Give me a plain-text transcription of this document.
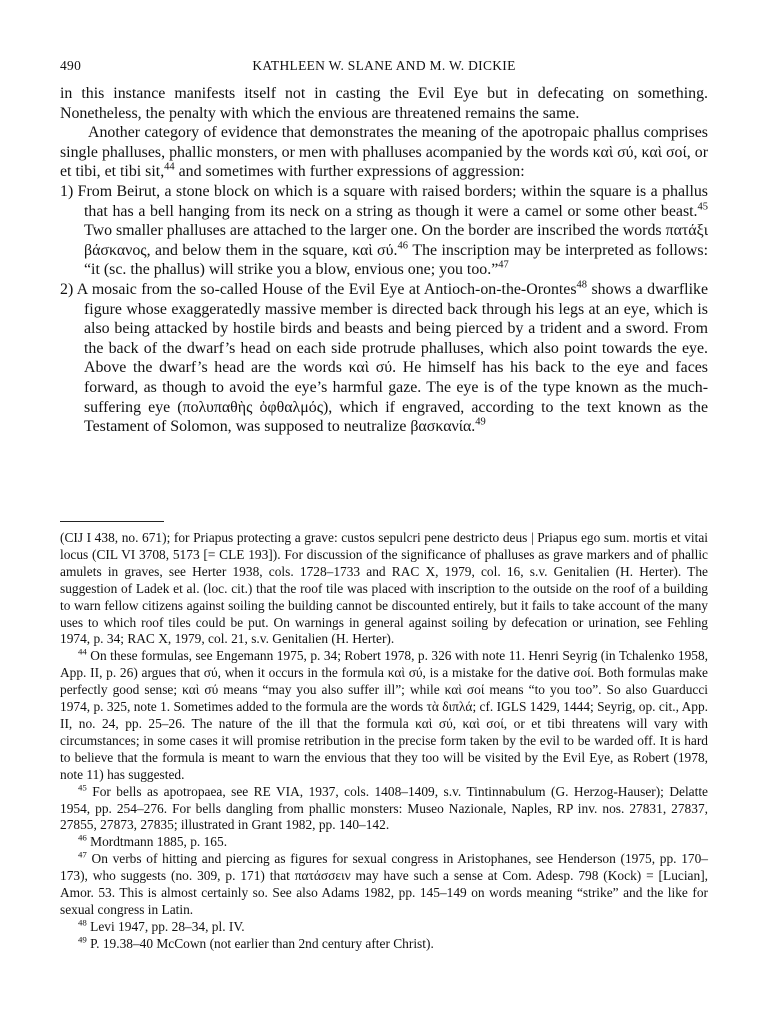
490	KATHLEEN W. SLANE AND M. W. DICKIE

in this instance manifests itself not in casting the Evil Eye but in defecating on something. Nonetheless, the penalty with which the envious are threatened remains the same.

Another category of evidence that demonstrates the meaning of the apotropaic phallus comprises single phalluses, phallic monsters, or men with phalluses acompanied by the words καὶ σύ, καὶ σοί, or et tibi, et tibi sit,$^{44}$ and sometimes with further expressions of aggression:

1) From Beirut, a stone block on which is a square with raised borders; within the square is a phallus that has a bell hanging from its neck on a string as though it were a camel or some other beast.$^{45}$ Two smaller phalluses are attached to the larger one. On the border are inscribed the words πατάξι βάσκανος, and below them in the square, καὶ σύ.$^{46}$ The inscription may be interpreted as follows: “it (sc. the phallus) will strike you a blow, envious one; you too.”$^{47}$

2) A mosaic from the so-called House of the Evil Eye at Antioch-on-the-Orontes$^{48}$ shows a dwarflike figure whose exaggeratedly massive member is directed back through his legs at an eye, which is also being attacked by hostile birds and beasts and being pierced by a trident and a sword. From the back of the dwarf’s head on each side protrude phalluses, which also point towards the eye. Above the dwarf’s head are the words καὶ σύ. He himself has his back to the eye and faces forward, as though to avoid the eye’s harmful gaze. The eye is of the type known as the much-suffering eye (πολυπαθὴς ὀφθαλμός), which if engraved, according to the text known as the Testament of Solomon, was supposed to neutralize βασκανία.$^{49}$

(CIJ I 438, no. 671); for Priapus protecting a grave: custos sepulcri pene destricto deus | Priapus ego sum. mortis et vitai locus (CIL VI 3708, 5173 [= CLE 193]). For discussion of the significance of phalluses as grave markers and of phallic amulets in graves, see Herter 1938, cols. 1728–1733 and RAC X, 1979, col. 16, s.v. Genitalien (H. Herter). The suggestion of Ladek et al. (loc. cit.) that the roof tile was placed with inscription to the outside on the roof of a building to warn fellow citizens against soiling the building cannot be discounted entirely, but it fails to take account of the many uses to which roof tiles could be put. On warnings in general against soiling by defecation or urination, see Fehling 1974, p. 34; RAC X, 1979, col. 21, s.v. Genitalien (H. Herter).

$^{44}$ On these formulas, see Engemann 1975, p. 34; Robert 1978, p. 326 with note 11. Henri Seyrig (in Tchalenko 1958, App. II, p. 26) argues that σύ, when it occurs in the formula καὶ σύ, is a mistake for the dative σοί. Both formulas make perfectly good sense; καὶ σύ means “may you also suffer ill”; while καὶ σοί means “to you too”. So also Guarducci 1974, p. 325, note 1. Sometimes added to the formula are the words τὰ διπλά; cf. IGLS 1429, 1444; Seyrig, op. cit., App. II, no. 24, pp. 25–26. The nature of the ill that the formula καὶ σύ, καὶ σοί, or et tibi threatens will vary with circumstances; in some cases it will promise retribution in the precise form taken by the evil to be warded off. It is hard to believe that the formula is meant to warn the envious that they too will be visited by the Evil Eye, as Robert (1978, note 11) has suggested.

$^{45}$ For bells as apotropaea, see RE VIA, 1937, cols. 1408–1409, s.v. Tintinnabulum (G. Herzog-Hauser); Delatte 1954, pp. 254–276. For bells dangling from phallic monsters: Museo Nazionale, Naples, RP inv. nos. 27831, 27837, 27855, 27873, 27835; illustrated in Grant 1982, pp. 140–142.

$^{46}$ Mordtmann 1885, p. 165.

$^{47}$ On verbs of hitting and piercing as figures for sexual congress in Aristophanes, see Henderson (1975, pp. 170–173), who suggests (no. 309, p. 171) that πατάσσειν may have such a sense at Com. Adesp. 798 (Kock) = [Lucian], Amor. 53. This is almost certainly so. See also Adams 1982, pp. 145–149 on words meaning “strike” and the like for sexual congress in Latin.

$^{48}$ Levi 1947, pp. 28–34, pl. IV.

$^{49}$ P. 19.38–40 McCown (not earlier than 2nd century after Christ).
